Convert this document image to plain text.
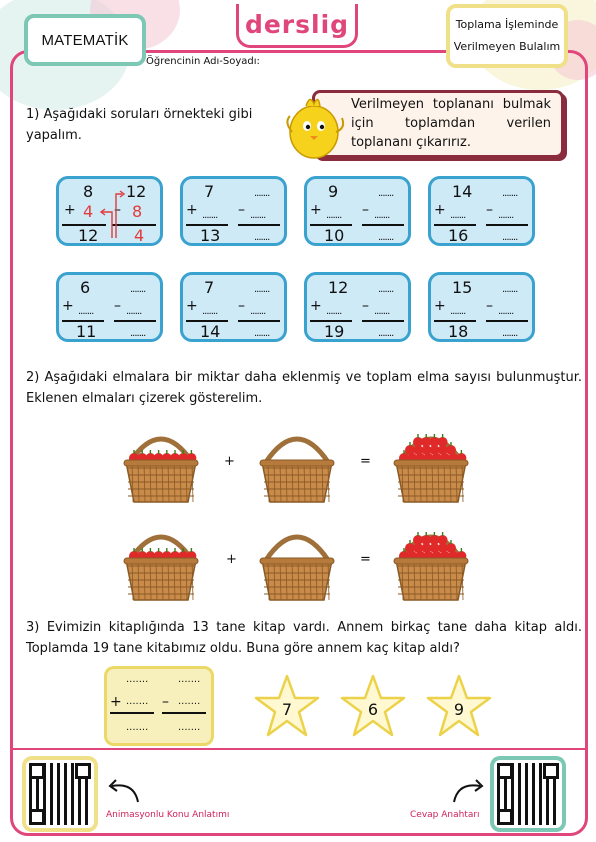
MATEMATİK
derslig	Toplama İşleminde
Verilmeyen Bulalım
Öğrencinin Adı-Soyadı:
1) Aşağıdaki soruları örnekteki gibi yapalım.
Verilmeyen toplananı bulmak için toplamdan verilen toplananı çıkarırız.
8
+ 4
12
12
– 8
4
7
+ .......
13
.......
– .......
.......
9
+ .......
10
.......
– .......
.......
14
+ .......
16
.......
– .......
.......
6
+ .......
11
.......
– .......
.......
7
+ .......
14
.......
– .......
.......
12
+ .......
19
.......
– .......
.......
15
+ .......
18
.......
– .......
.......
2) Aşağıdaki elmalara bir miktar daha eklenmiş ve toplam elma sayısı bulunmuştur. Eklenen elmaları çizerek gösterelim.
+	=
+	=
3) Evimizin kitaplığında 13 tane kitap vardı. Annem birkaç tane daha kitap aldı. Toplamda 19 tane kitabımız oldu. Buna göre annem kaç kitap aldı?
.......
+ .......
.......
.......
– .......
.......
7	6	9
Animasyonlu Konu Anlatımı	Cevap Anahtarı
